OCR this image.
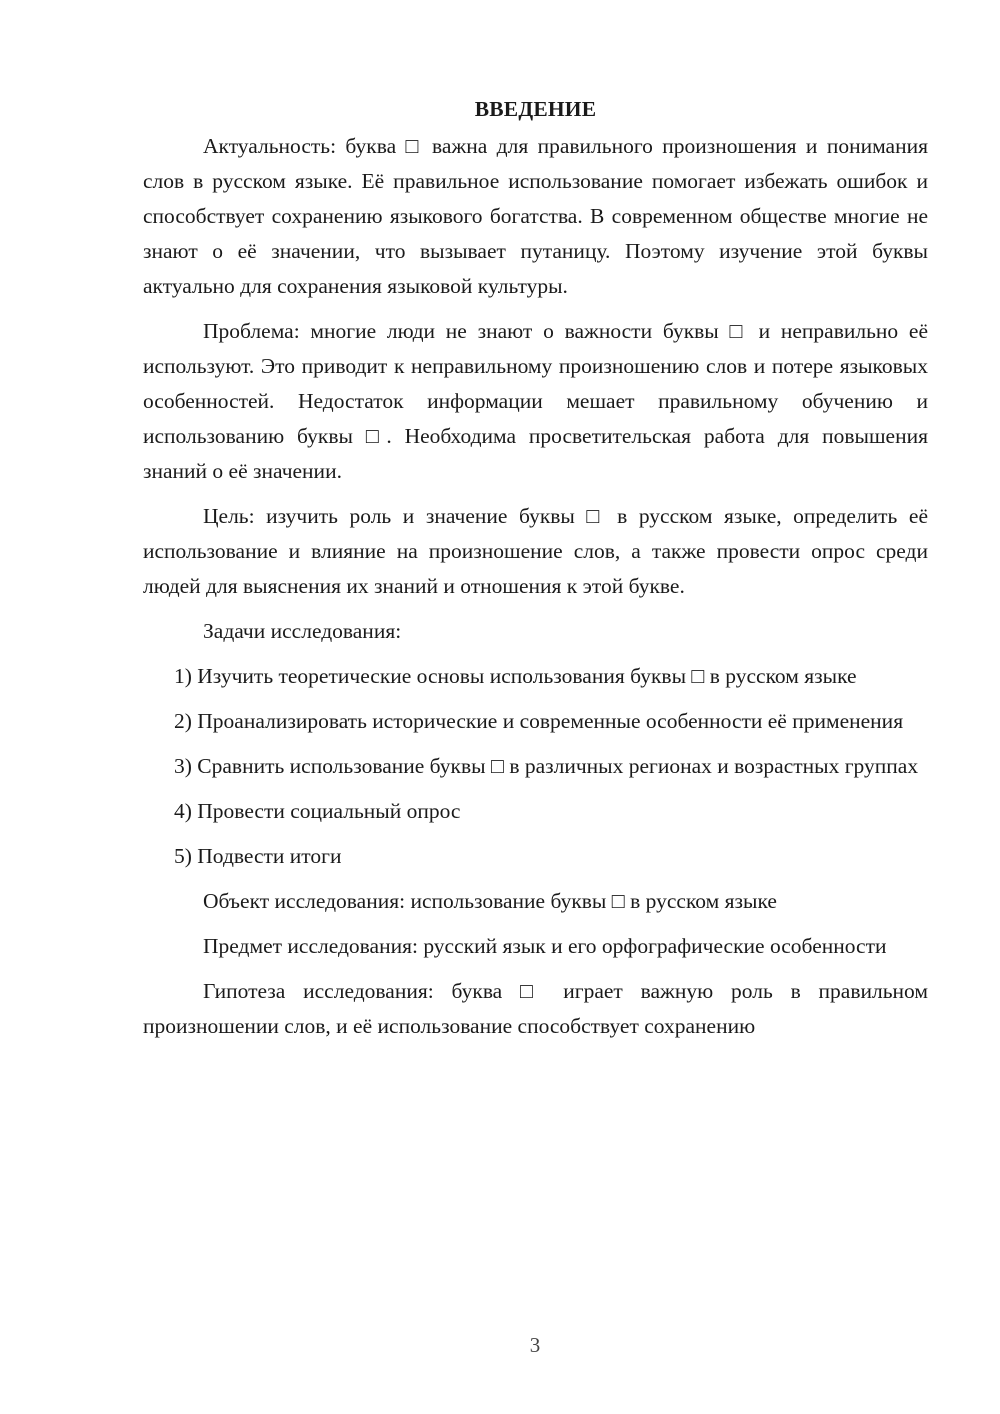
ВВЕДЕНИЕ

Актуальность: буква □ важна для правильного произношения и понимания слов в русском языке. Её правильное использование помогает избежать ошибок и способствует сохранению языкового богатства. В современном обществе многие не знают о её значении, что вызывает путаницу. Поэтому изучение этой буквы актуально для сохранения языковой культуры.

Проблема: многие люди не знают о важности буквы □ и неправильно её используют. Это приводит к неправильному произношению слов и потере языковых особенностей. Недостаток информации мешает правильному обучению и использованию буквы □. Необходима просветительская работа для повышения знаний о её значении.

Цель: изучить роль и значение буквы □ в русском языке, определить её использование и влияние на произношение слов, а также провести опрос среди людей для выяснения их знаний и отношения к этой букве.

Задачи исследования:

1) Изучить теоретические основы использования буквы □ в русском языке

2) Проанализировать исторические и современные особенности её применения

3) Сравнить использование буквы □ в различных регионах и возрастных группах

4) Провести социальный опрос

5) Подвести итоги

Объект исследования: использование буквы □ в русском языке

Предмет исследования: русский язык и его орфографические особенности

Гипотеза исследования: буква □ играет важную роль в правильном произношении слов, и её использование способствует сохранению

3
